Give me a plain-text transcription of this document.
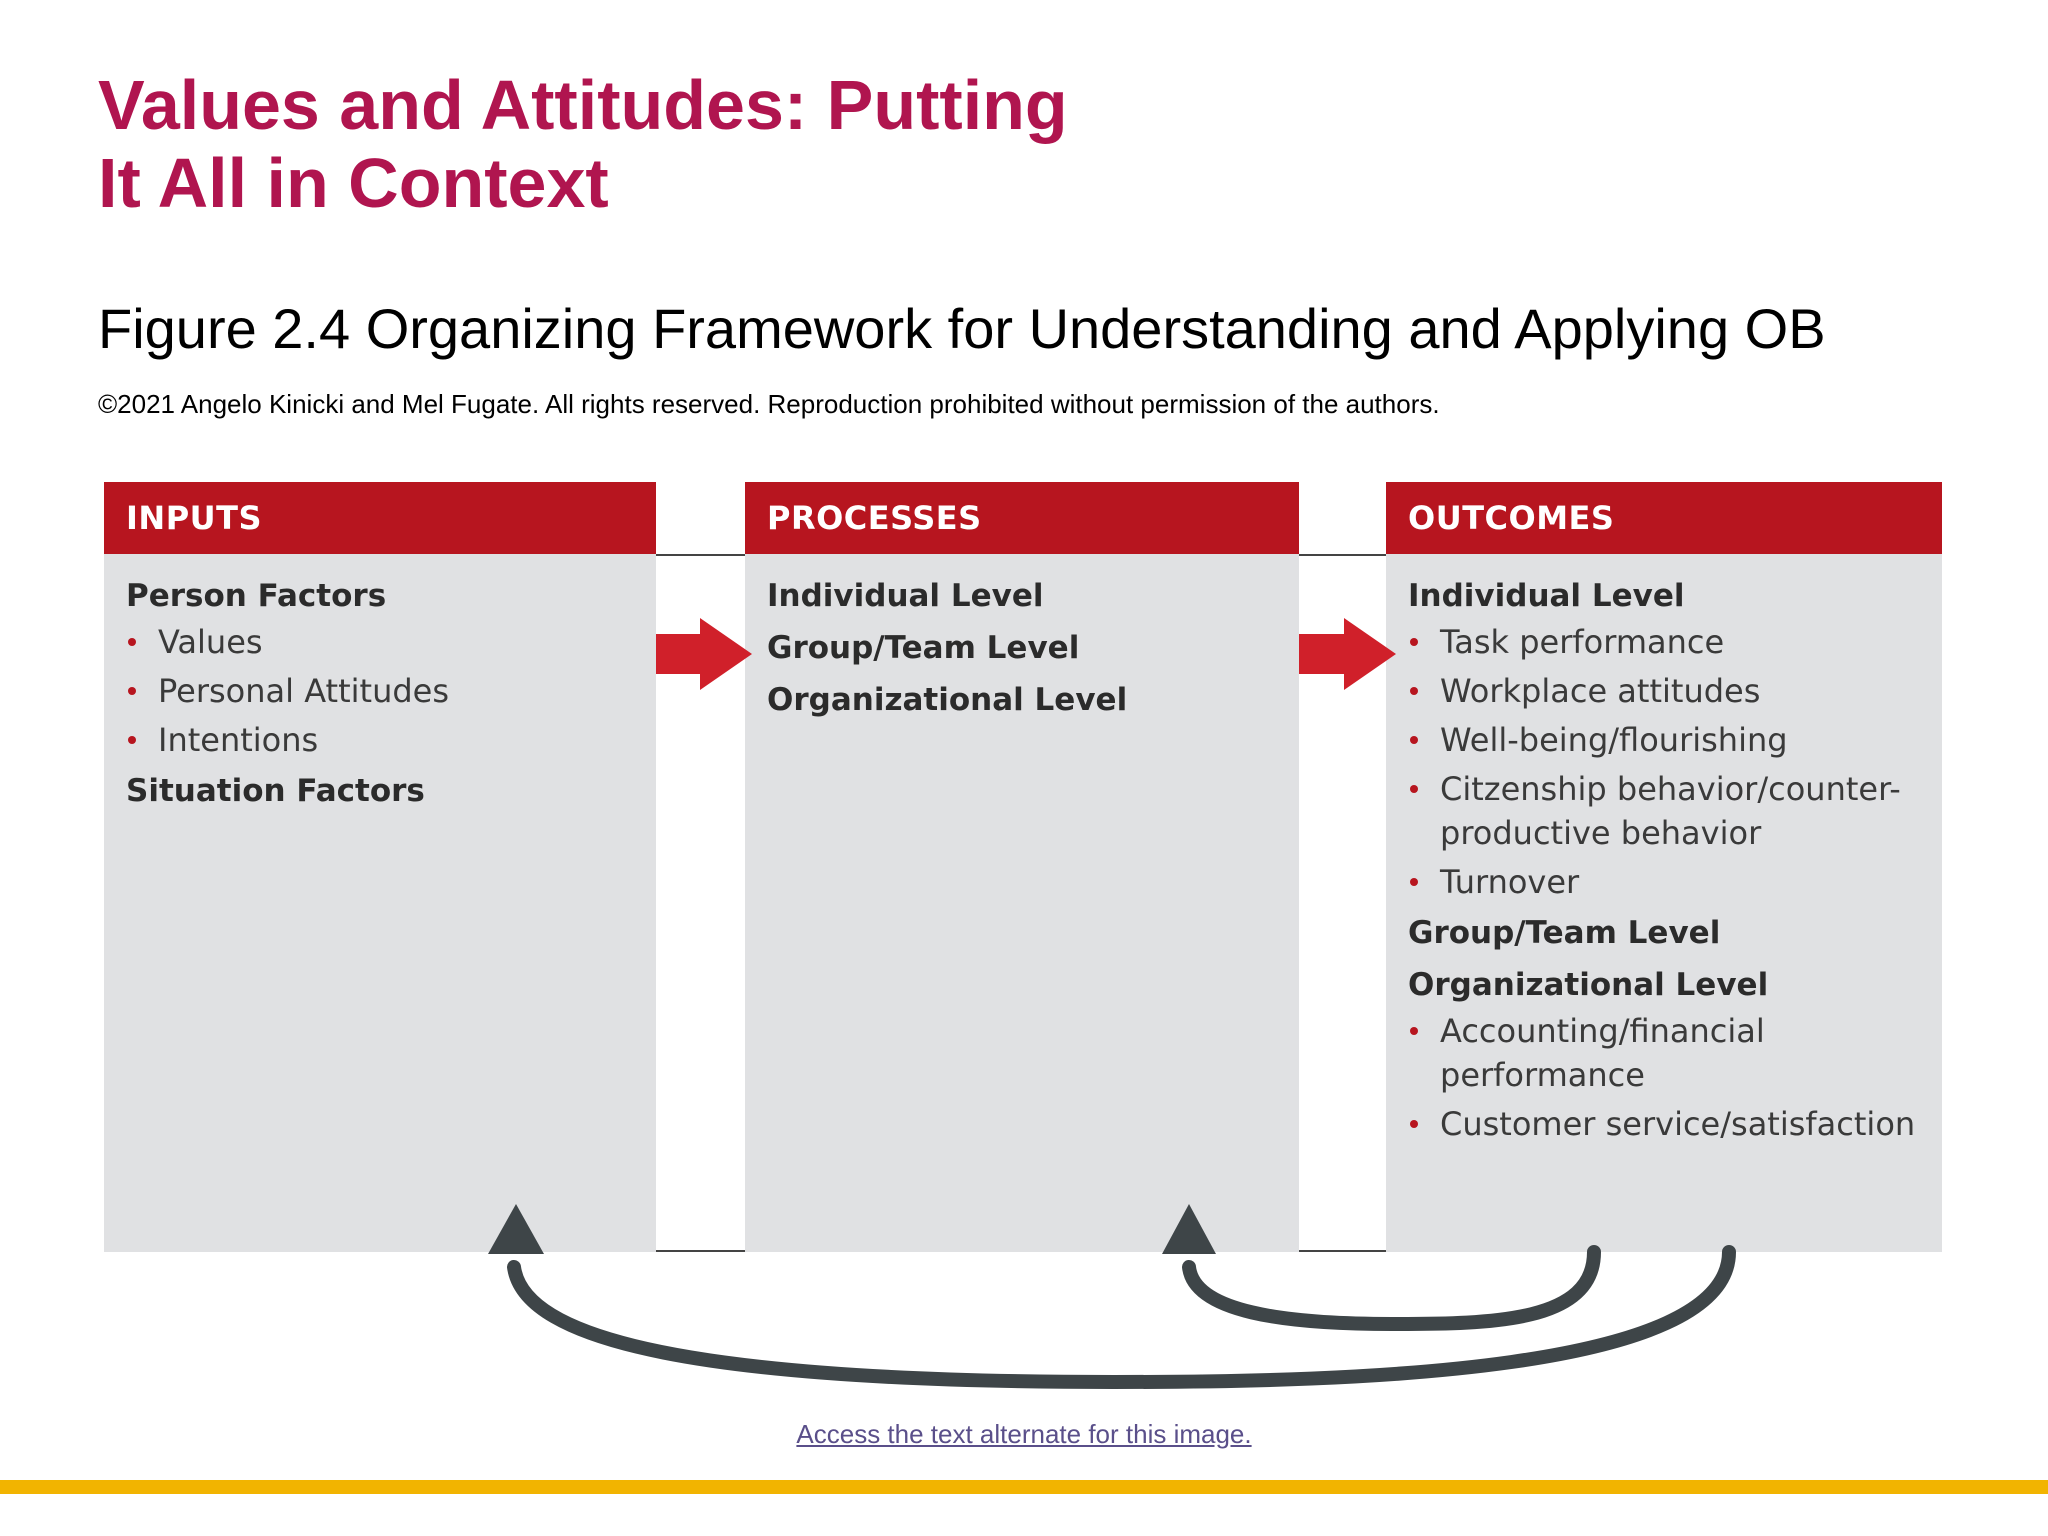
Values and Attitudes: Putting
It All in Context

Figure 2.4 Organizing Framework for Understanding and Applying OB

©2021 Angelo Kinicki and Mel Fugate. All rights reserved. Reproduction prohibited without permission of the authors.

INPUTS
Person Factors
Values
Personal Attitudes
Intentions
Situation Factors
PROCESSES
Individual Level
Group/Team Level
Organizational Level
OUTCOMES
Individual Level
Task performance
Workplace attitudes
Well-being/flourishing
Citzenship behavior/counter-productive behavior
Turnover
Group/Team Level
Organizational Level
Accounting/financial performance
Customer service/satisfaction
Access the text alternate for this image.
